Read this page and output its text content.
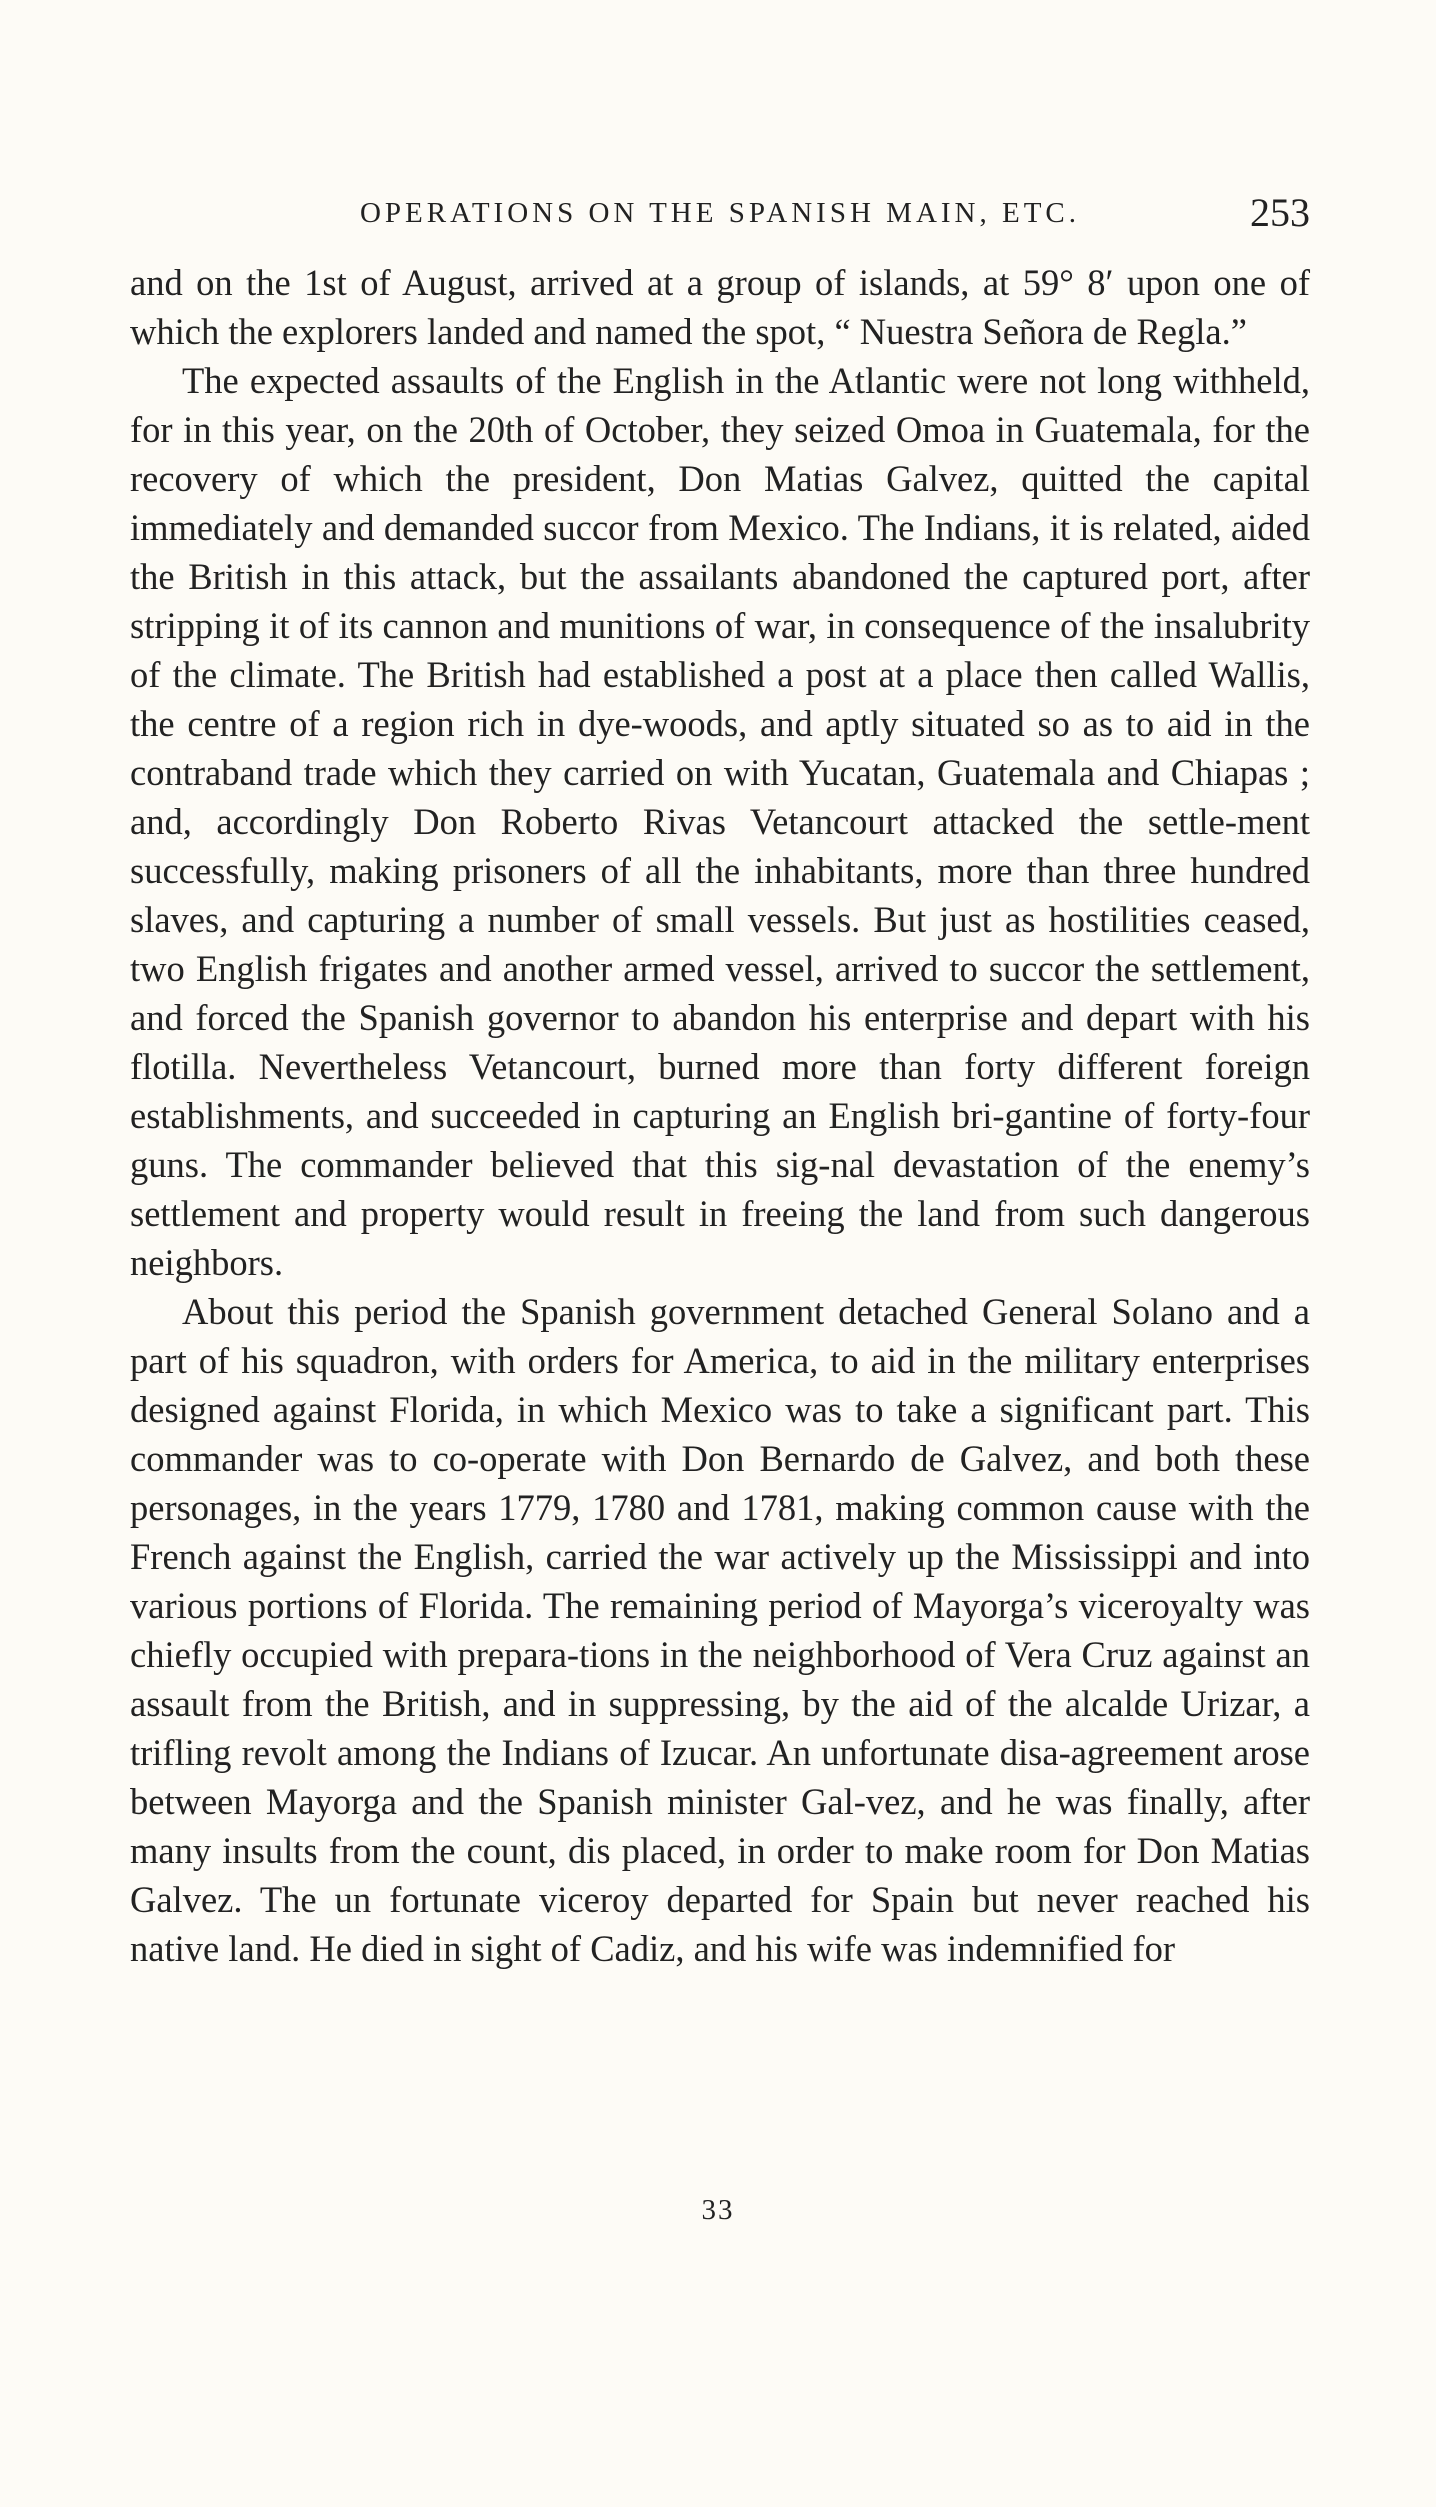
OPERATIONS ON THE SPANISH MAIN, ETC.	253

and on the 1st of August, arrived at a group of islands, at 59° 8′ upon one of which the explorers landed and named the spot, “ Nuestra Señora de Regla.”

The expected assaults of the English in the Atlantic were not long withheld, for in this year, on the 20th of October, they seized Omoa in Guatemala, for the recovery of which the president, Don Matias Galvez, quitted the capital immediately and demanded succor from Mexico. The Indians, it is related, aided the British in this attack, but the assailants abandoned the captured port, after stripping it of its cannon and munitions of war, in consequence of the insalubrity of the climate. The British had established a post at a place then called Wallis, the centre of a region rich in dye-woods, and aptly situated so as to aid in the contraband trade which they carried on with Yucatan, Guatemala and Chiapas ; and, accordingly Don Roberto Rivas Vetancourt attacked the settle-ment successfully, making prisoners of all the inhabitants, more than three hundred slaves, and capturing a number of small vessels. But just as hostilities ceased, two English frigates and another armed vessel, arrived to succor the settlement, and forced the Spanish governor to abandon his enterprise and depart with his flotilla. Nevertheless Vetancourt, burned more than forty different foreign establishments, and succeeded in capturing an English bri-gantine of forty-four guns. The commander believed that this sig-nal devastation of the enemy’s settlement and property would result in freeing the land from such dangerous neighbors.

About this period the Spanish government detached General Solano and a part of his squadron, with orders for America, to aid in the military enterprises designed against Florida, in which Mexico was to take a significant part. This commander was to co-operate with Don Bernardo de Galvez, and both these personages, in the years 1779, 1780 and 1781, making common cause with the French against the English, carried the war actively up the Mississippi and into various portions of Florida. The remaining period of Mayorga’s viceroyalty was chiefly occupied with prepara-tions in the neighborhood of Vera Cruz against an assault from the British, and in suppressing, by the aid of the alcalde Urizar, a trifling revolt among the Indians of Izucar. An unfortunate disa-agreement arose between Mayorga and the Spanish minister Gal-vez, and he was finally, after many insults from the count, dis placed, in order to make room for Don Matias Galvez. The un fortunate viceroy departed for Spain but never reached his native land. He died in sight of Cadiz, and his wife was indemnified for

33
